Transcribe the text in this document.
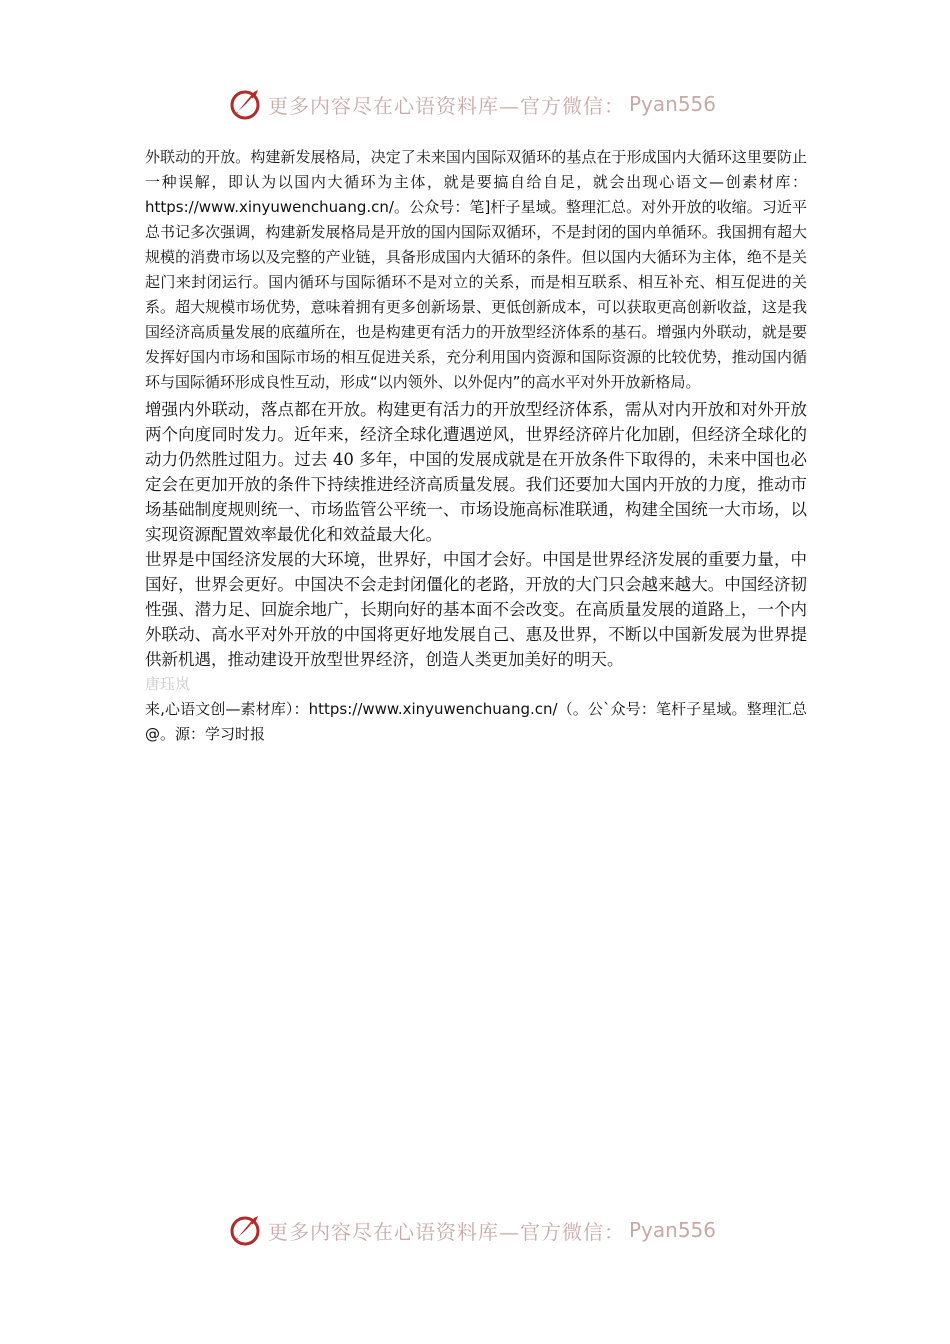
更多内容尽在心语资料库—官方微信： Pyan556

外联动的开放。构建新发展格局，决定了未来国内国际双循环的基点在于形成国内大循环这里要防止一种误解，即认为以国内大循环为主体，就是要搞自给自足，就会出现心语文—创素材库：https://www.xinyuwenchuang.cn/。公众号：笔]杆子星域。整理汇总。对外开放的收缩。习近平总书记多次强调，构建新发展格局是开放的国内国际双循环，不是封闭的国内单循环。我国拥有超大规模的消费市场以及完整的产业链，具备形成国内大循环的条件。但以国内大循环为主体，绝不是关起门来封闭运行。国内循环与国际循环不是对立的关系，而是相互联系、相互补充、相互促进的关系。超大规模市场优势，意味着拥有更多创新场景、更低创新成本，可以获取更高创新收益，这是我国经济高质量发展的底蕴所在，也是构建更有活力的开放型经济体系的基石。增强内外联动，就是要发挥好国内市场和国际市场的相互促进关系，充分利用国内资源和国际资源的比较优势，推动国内循环与国际循环形成良性互动，形成“以内领外、以外促内”的高水平对外开放新格局。

增强内外联动，落点都在开放。构建更有活力的开放型经济体系，需从对内开放和对外开放两个向度同时发力。近年来，经济全球化遭遇逆风，世界经济碎片化加剧，但经济全球化的动力仍然胜过阻力。过去 40 多年，中国的发展成就是在开放条件下取得的，未来中国也必定会在更加开放的条件下持续推进经济高质量发展。我们还要加大国内开放的力度，推动市场基础制度规则统一、市场监管公平统一、市场设施高标准联通，构建全国统一大市场，以实现资源配置效率最优化和效益最大化。

世界是中国经济发展的大环境，世界好，中国才会好。中国是世界经济发展的重要力量，中国好，世界会更好。中国决不会走封闭僵化的老路，开放的大门只会越来越大。中国经济韧性强、潜力足、回旋余地广，长期向好的基本面不会改变。在高质量发展的道路上，一个内外联动、高水平对外开放的中国将更好地发展自己、惠及世界，不断以中国新发展为世界提供新机遇，推动建设开放型世界经济，创造人类更加美好的明天。

唐珏岚

来,心语文创—素材库）：https://www.xinyuwenchuang.cn/（。公`众号：笔杆子星域。整理汇总@。源：学习时报

更多内容尽在心语资料库—官方微信： Pyan556
